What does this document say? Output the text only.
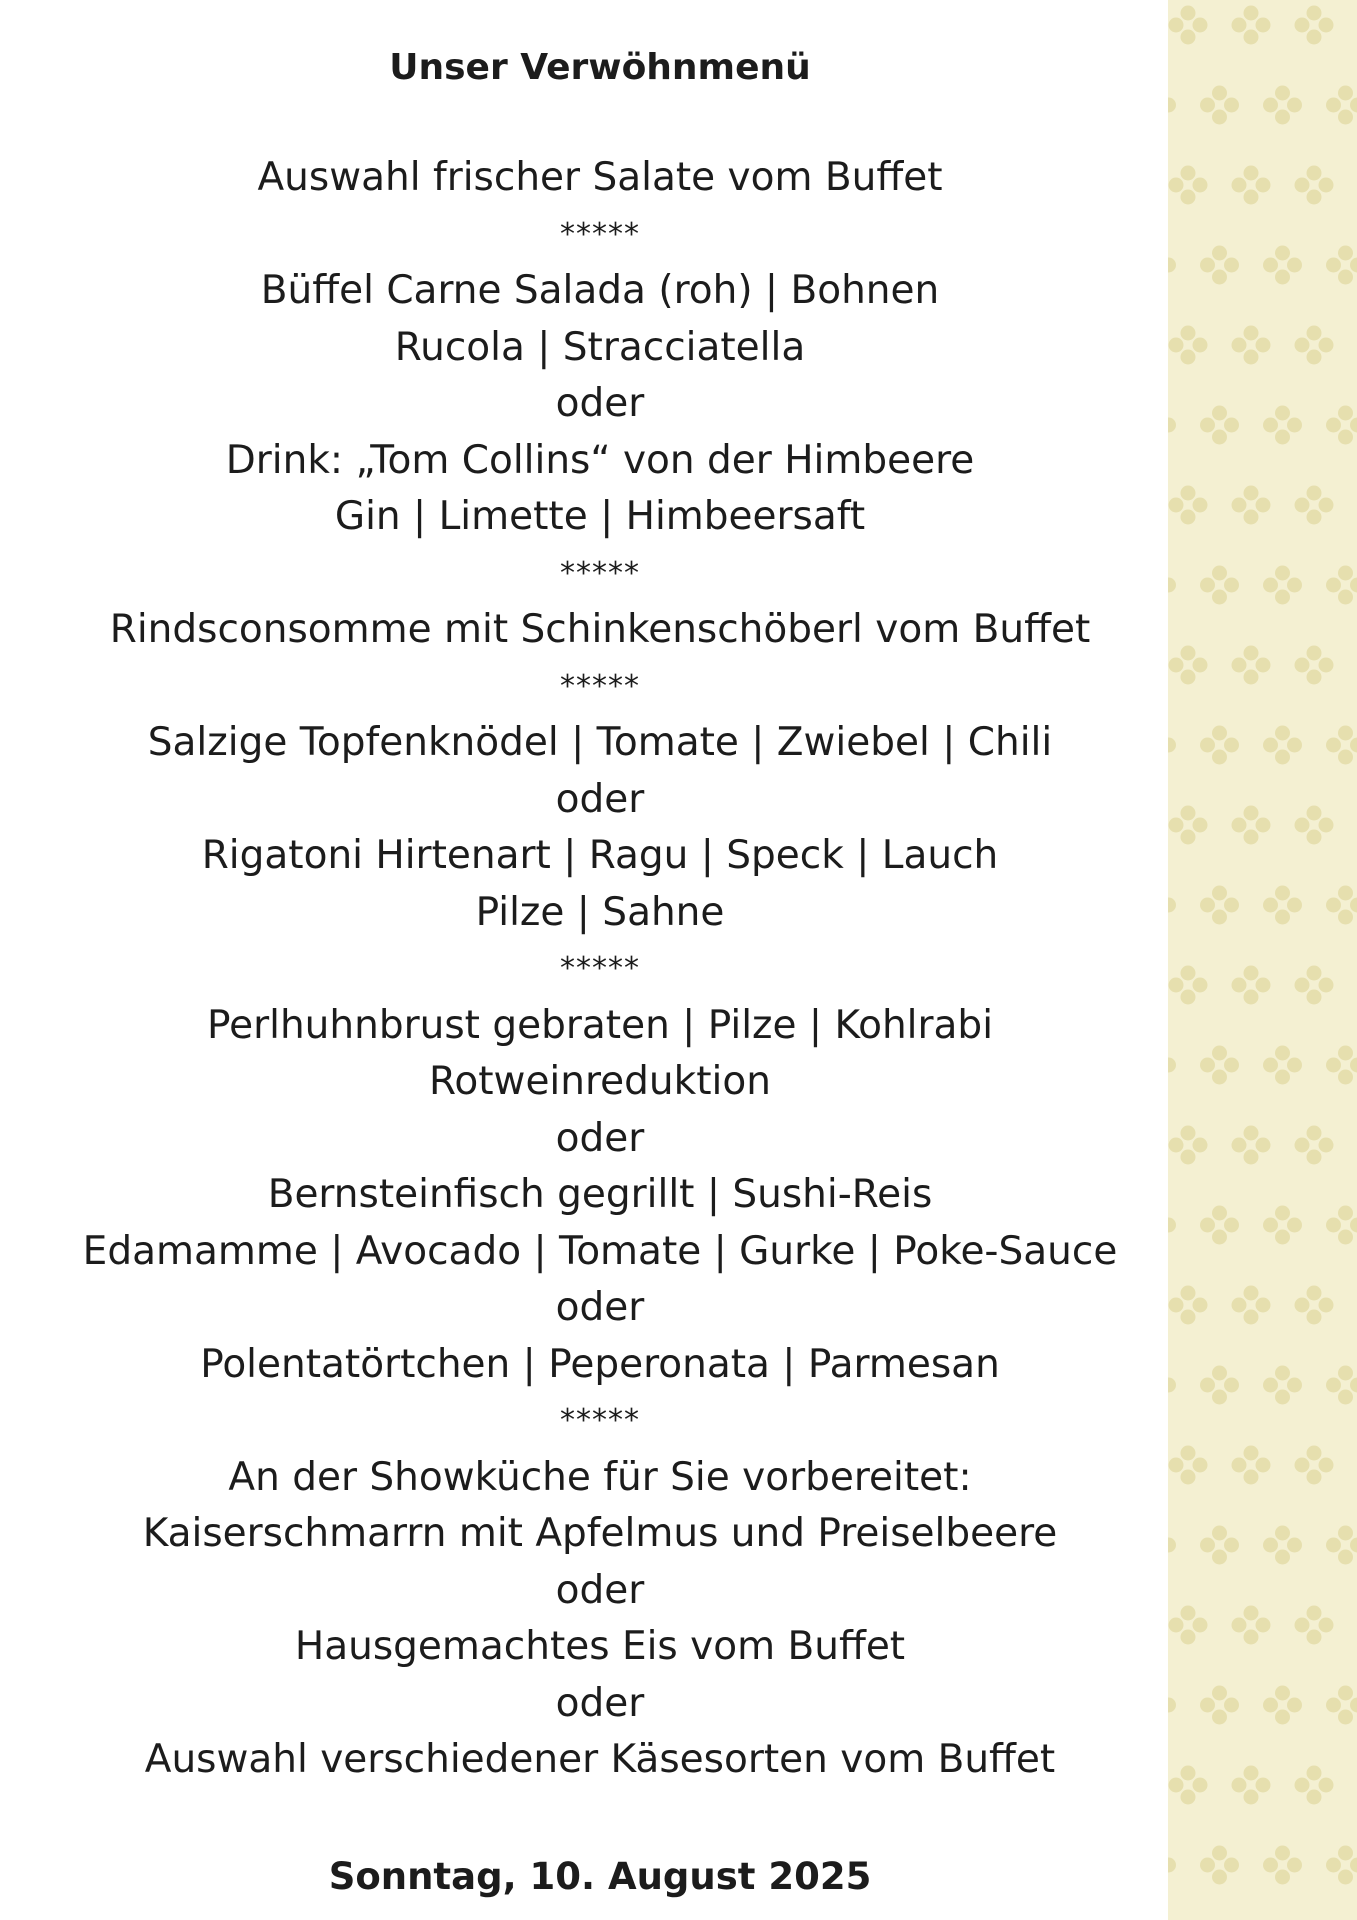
Unser Verwöhnmenü

Auswahl frischer Salate vom Buffet

*****

Büffel Carne Salada (roh) | Bohnen

Rucola | Stracciatella

oder

Drink: „Tom Collins“ von der Himbeere

Gin | Limette | Himbeersaft

*****

Rindsconsomme mit Schinkenschöberl vom Buffet

*****

Salzige Topfenknödel | Tomate | Zwiebel | Chili

oder

Rigatoni Hirtenart | Ragu | Speck | Lauch

Pilze | Sahne

*****

Perlhuhnbrust gebraten | Pilze | Kohlrabi

Rotweinreduktion

oder

Bernsteinfisch gegrillt | Sushi-Reis

Edamamme | Avocado | Tomate | Gurke | Poke-Sauce

oder

Polentatörtchen | Peperonata | Parmesan

*****

An der Showküche für Sie vorbereitet:

Kaiserschmarrn mit Apfelmus und Preiselbeere

oder

Hausgemachtes Eis vom Buffet

oder

Auswahl verschiedener Käsesorten vom Buffet

Sonntag, 10. August 2025
